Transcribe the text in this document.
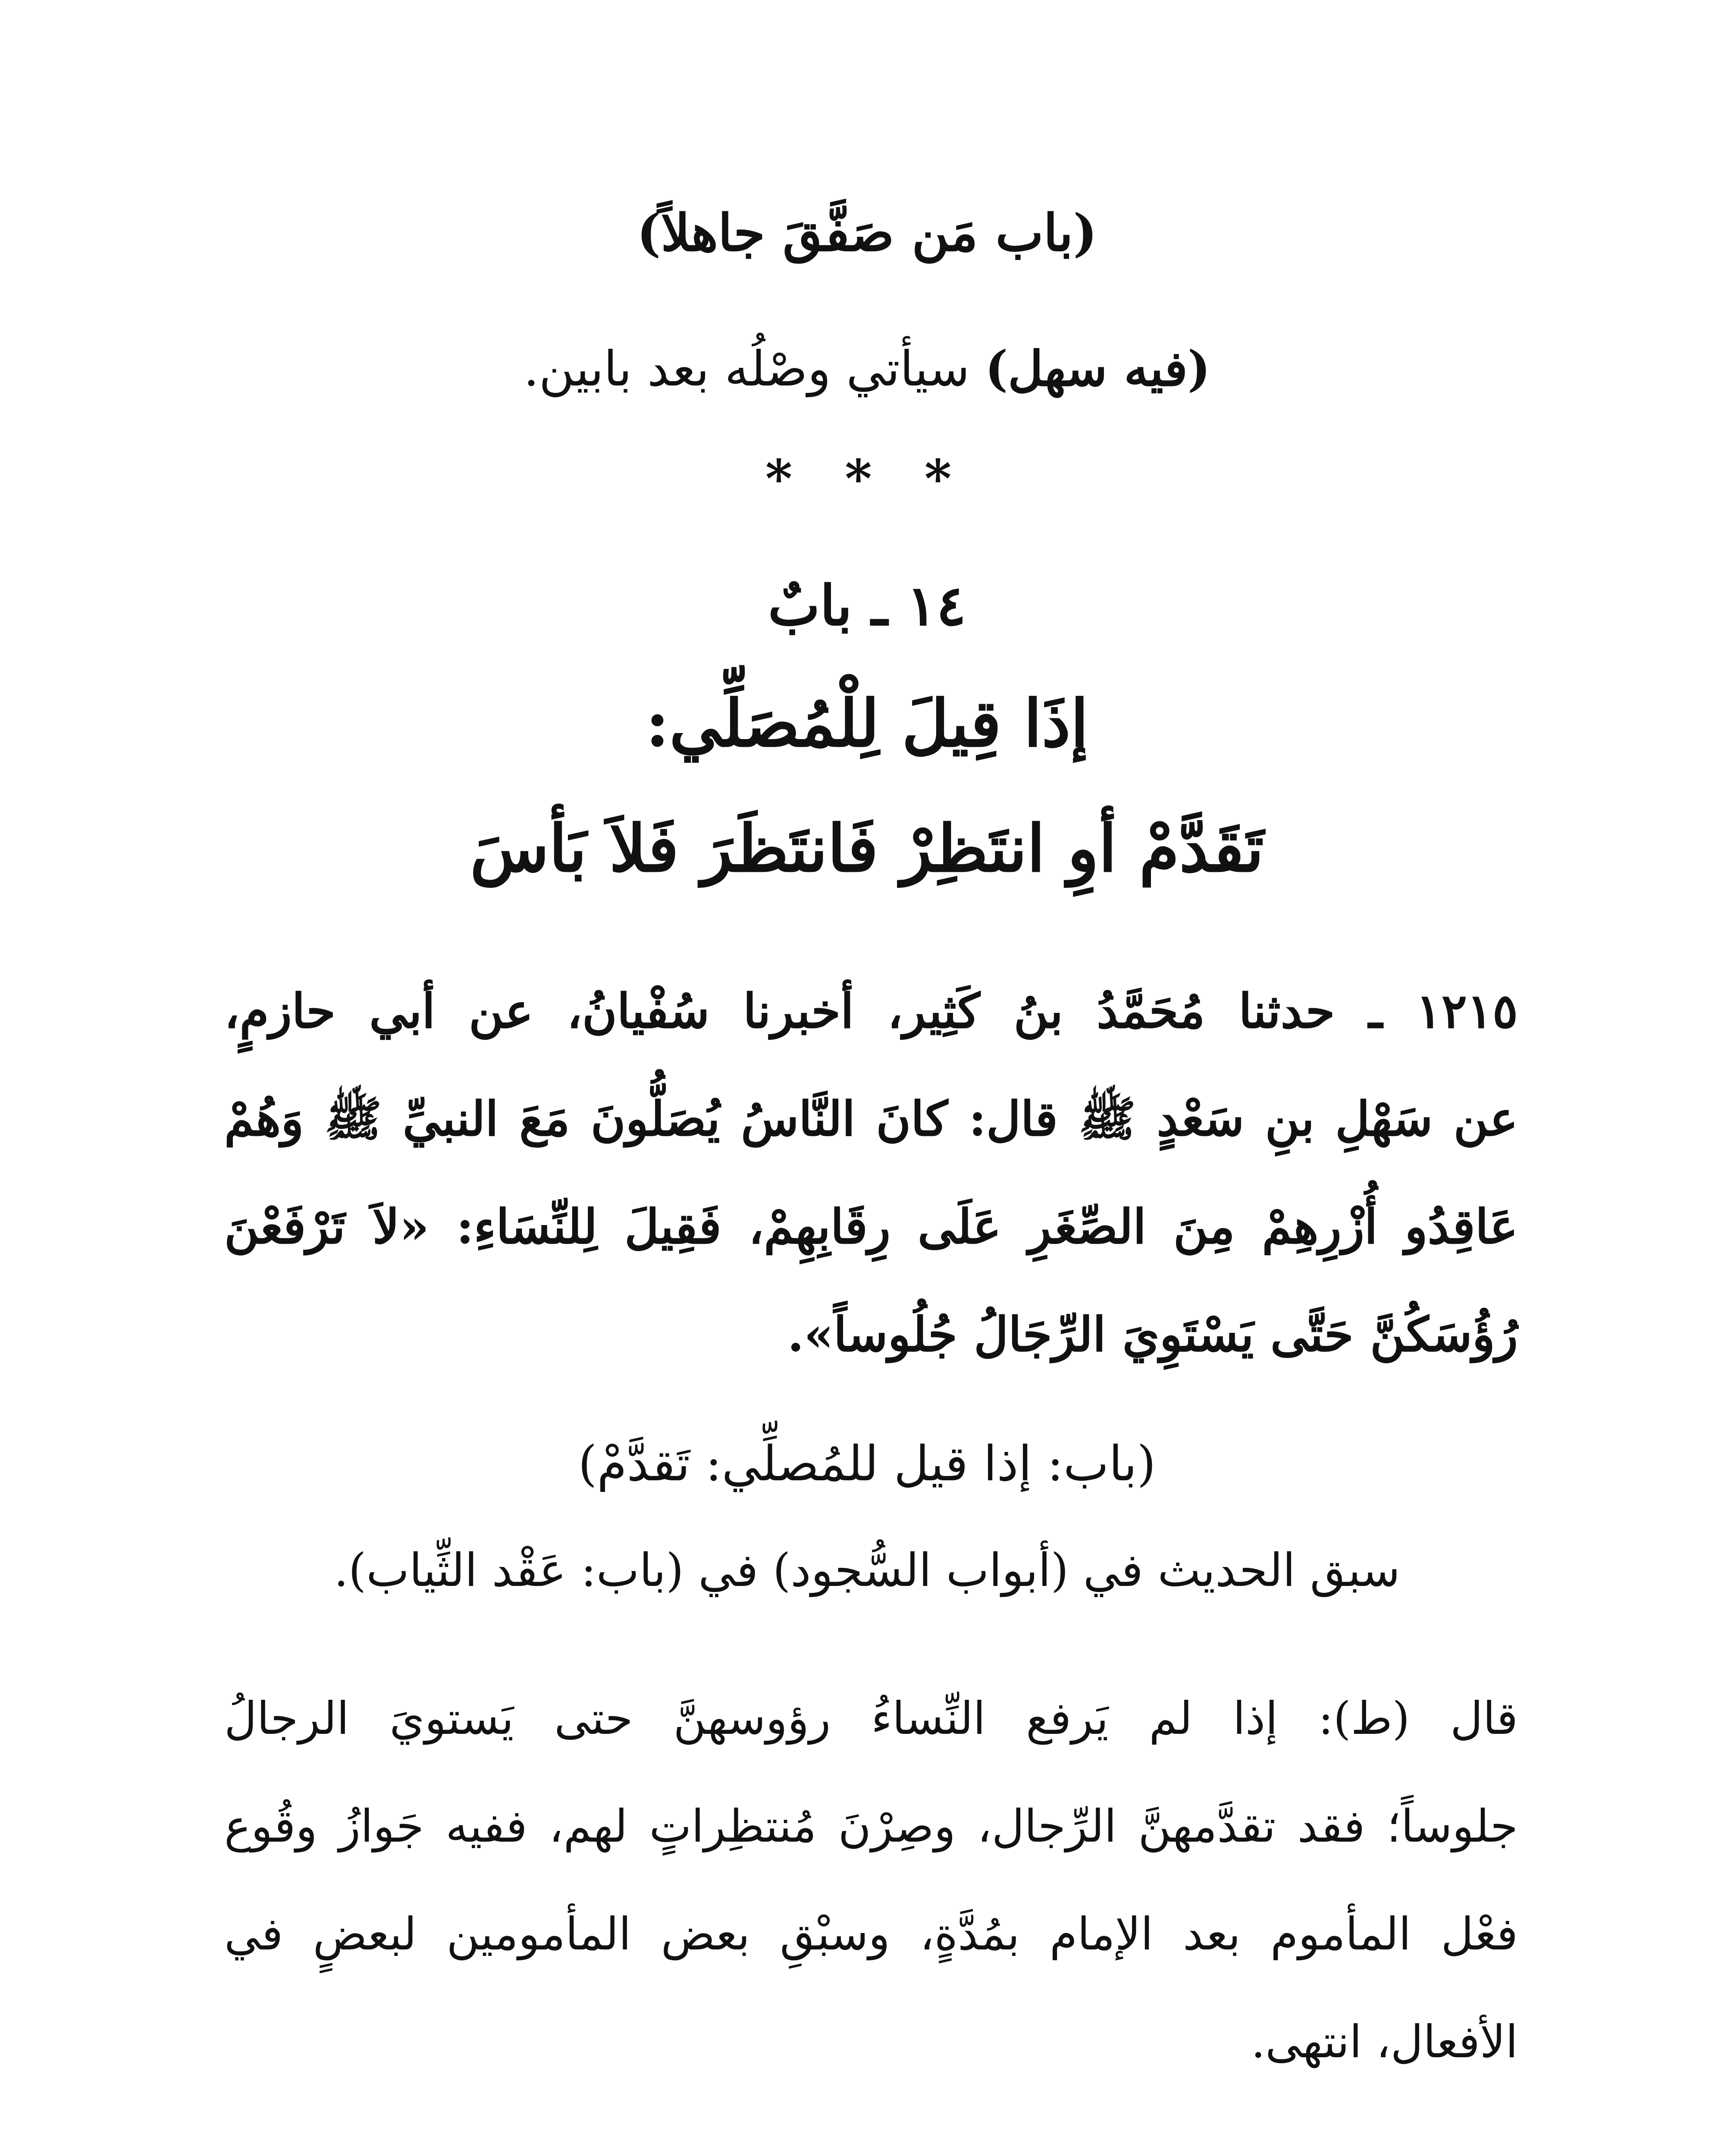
(باب مَن صَفَّقَ جاهلاً)
(فيه سهل) سيأتي وصْلُه بعد بابين.
* * *
١٤ ـ بابٌ
إذَا قِيلَ لِلْمُصَلِّي:
تَقَدَّمْ أوِ انتَظِرْ فَانتَظَرَ فَلاَ بَأسَ
١٢١٥ ـ حدثنا مُحَمَّدُ بنُ كَثِير، أخبرنا سُفْيانُ، عن أبي حازمٍ،
عن سَهْلِ بنِ سَعْدٍ ﷺ قال: كانَ النَّاسُ يُصَلُّونَ مَعَ النبيِّ ﷺ وَهُمْ
عَاقِدُو أُزْرِهِمْ مِنَ الصِّغَرِ عَلَى رِقَابِهِمْ، فَقِيلَ لِلنِّسَاءِ: «لاَ تَرْفَعْنَ
رُؤُسَكُنَّ حَتَّى يَسْتَوِيَ الرِّجَالُ جُلُوساً».
(باب: إذا قيل للمُصلِّي: تَقدَّمْ)
سبق الحديث في (أبواب السُّجود) في (باب: عَقْد الثِّياب).
قال (ط): إذا لم يَرفع النِّساءُ رؤوسهنَّ حتى يَستويَ الرجالُ
جلوساً؛ فقد تقدَّمهنَّ الرِّجال، وصِرْنَ مُنتظِراتٍ لهم، ففيه جَوازُ وقُوع
فعْل المأموم بعد الإمام بمُدَّةٍ، وسبْقِ بعض المأمومين لبعضٍ في
الأفعال، انتهى.
